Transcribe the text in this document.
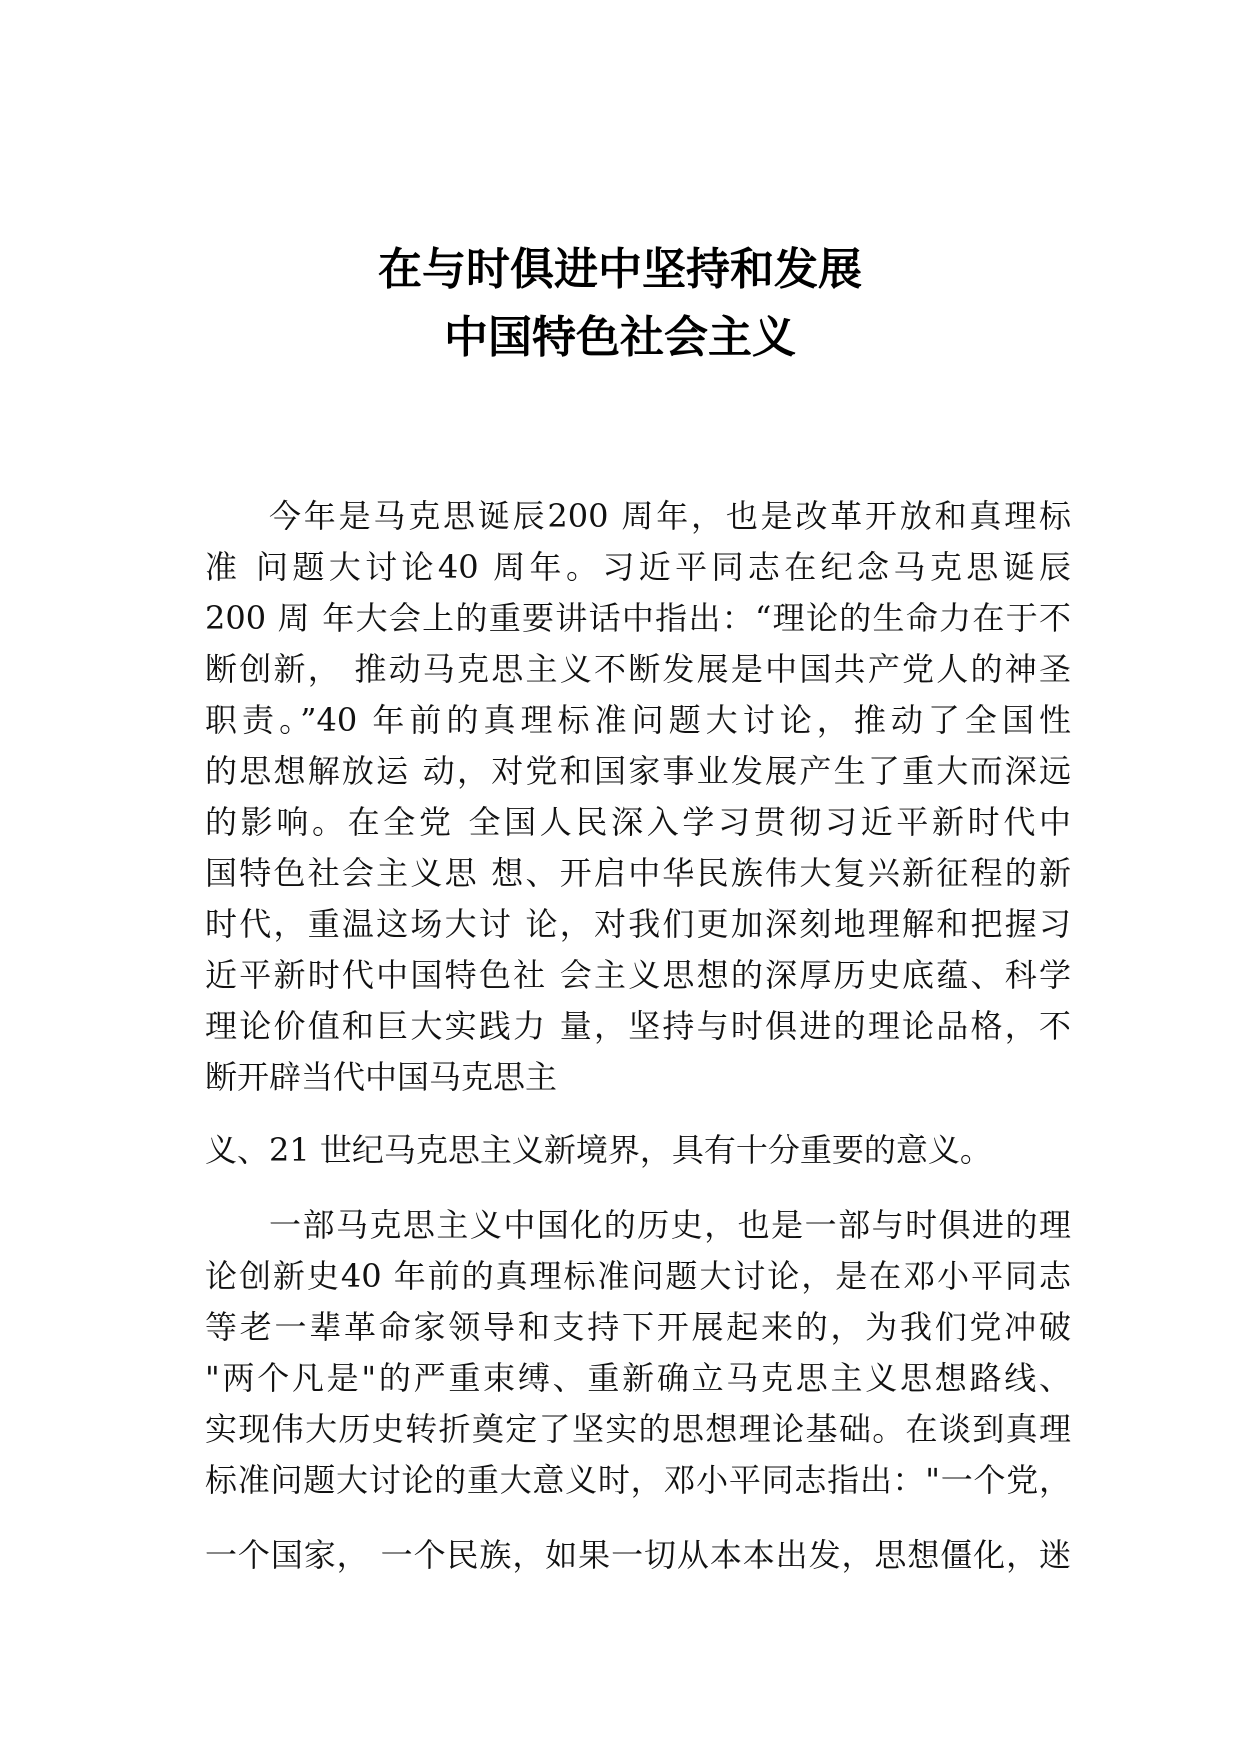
在与时俱进中坚持和发展
中国特色社会主义
今年是马克思诞辰200 周年，也是改革开放和真理标
准 问题大讨论40 周年。习近平同志在纪念马克思诞辰
200 周 年大会上的重要讲话中指出：“理论的生命力在于不
断创新， 推动马克思主义不断发展是中国共产党人的神圣
职责。”40 年前的真理标准问题大讨论，推动了全国性
的思想解放运 动，对党和国家事业发展产生了重大而深远
的影响。在全党 全国人民深入学习贯彻习近平新时代中
国特色社会主义思 想、开启中华民族伟大复兴新征程的新
时代，重温这场大讨 论，对我们更加深刻地理解和把握习
近平新时代中国特色社 会主义思想的深厚历史底蕴、科学
理论价值和巨大实践力 量，坚持与时俱进的理论品格，不
断开辟当代中国马克思主
义、21 世纪马克思主义新境界，具有十分重要的意义。
一部马克思主义中国化的历史，也是一部与时俱进的理
论创新史40 年前的真理标准问题大讨论，是在邓小平同志
等老一辈革命家领导和支持下开展起来的，为我们党冲破
"两个凡是"的严重束缚、重新确立马克思主义思想路线、
实现伟大历史转折奠定了坚实的思想理论基础。在谈到真理
标准问题大讨论的重大意义时，邓小平同志指出："一个党，
一个国家， 一个民族，如果一切从本本出发，思想僵化，迷
